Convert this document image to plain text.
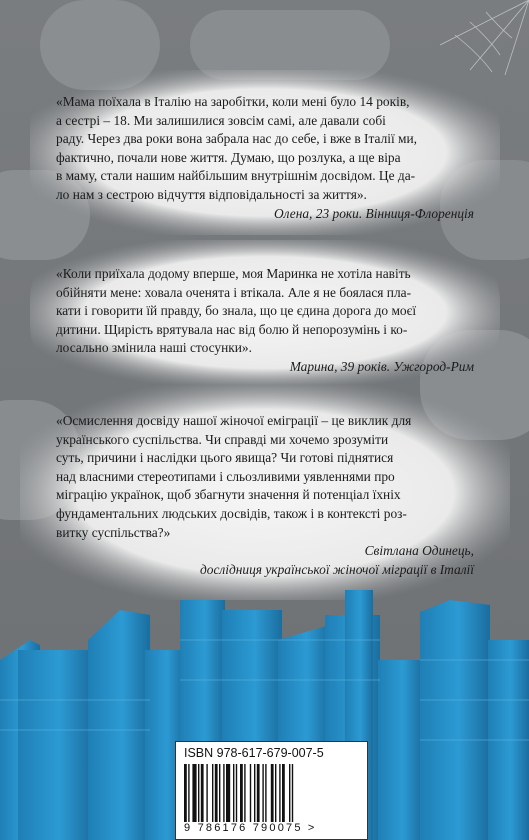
«Мама поїхала в Італію на заробітки, коли мені було 14 років,
а сестрі – 18. Ми залишилися зовсім самі, але давали собі
раду. Через два роки вона забрала нас до себе, і вже в Італії ми,
фактично, почали нове життя. Думаю, що розлука, а ще віра
в маму, стали нашим найбільшим внутрішнім досвідом. Це да-
ло нам з сестрою відчуття відповідальності за життя».
Олена, 23 роки. Вінниця-Флоренція
«Коли приїхала додому вперше, моя Маринка не хотіла навіть
обійняти мене: ховала оченята і втікала. Але я не боялася пла-
кати і говорити їй правду, бо знала, що це єдина дорога до моєї
дитини. Щирість врятувала нас від болю й непорозумінь і ко-
лосально змінила наші стосунки».
Марина, 39 років. Ужгород-Рим
«Осмислення досвіду нашої жіночої еміграції – це виклик для
українського суспільства. Чи справді ми хочемо зрозуміти
суть, причини і наслідки цього явища? Чи готові піднятися
над власними стереотипами і сльозливими уявленнями про
міграцію українок, щоб збагнути значення й потенціал їхніх
фундаментальних людських досвідів, також і в контексті роз-
витку суспільства?»
Світлана Одинець,
дослідниця української жіночої міграції в Італії
ISBN 978-617-679-007-5
9 786176 790075 >
